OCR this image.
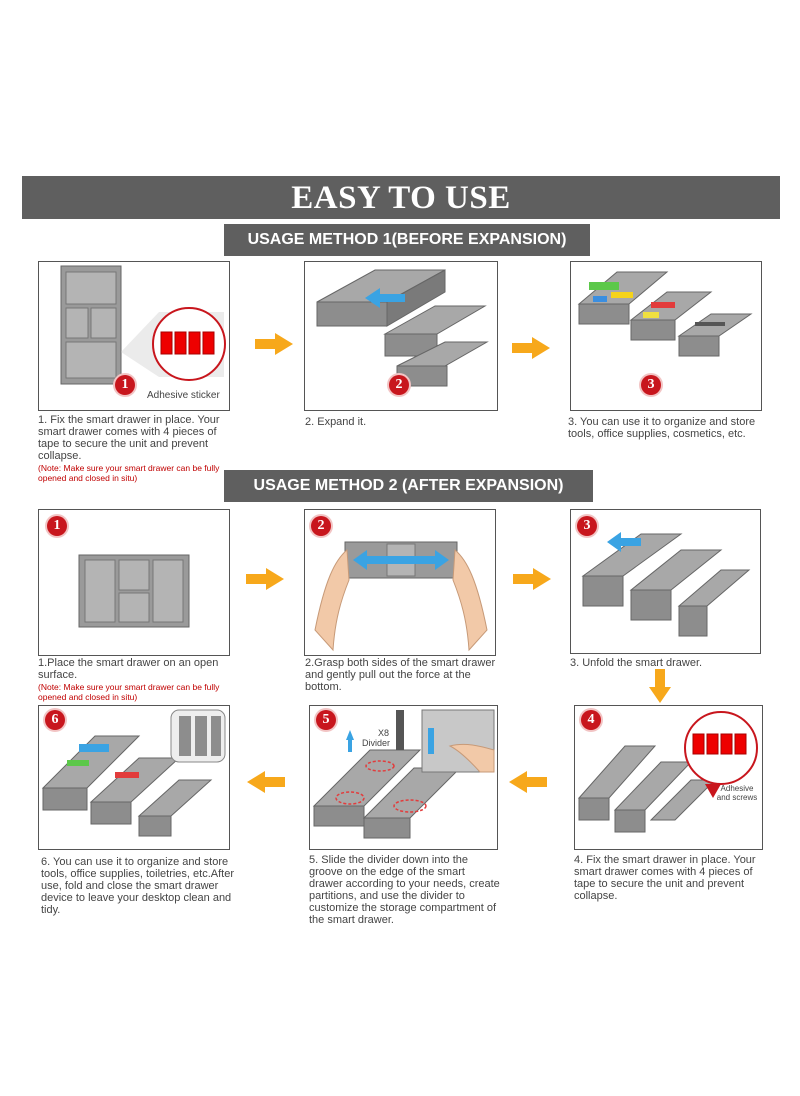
EASY TO USE
USAGE METHOD 1(BEFORE EXPANSION)
1
Adhesive sticker
1. Fix the smart drawer in place. Your smart drawer comes with 4 pieces of tape to secure the unit and prevent collapse.
(Note: Make sure your smart drawer can be fully opened and closed in situ)
2
2. Expand it.
3
3. You can use it to organize and store tools, office supplies, cosmetics, etc.
USAGE METHOD 2 (AFTER EXPANSION)
1
1.Place the smart drawer on an open surface.
(Note: Make sure your smart drawer can be fully opened and closed in situ)
2
2.Grasp both sides of the smart drawer and gently pull out the force at the bottom.
3
3. Unfold the smart drawer.
4
Adhesive and screws
4. Fix the smart drawer in place. Your smart drawer comes with 4 pieces of tape to secure the unit and prevent collapse.
5
X8
Divider
5. Slide the divider down into the groove on the edge of the smart drawer according to your needs, create partitions, and use the divider to customize the storage compartment of the smart drawer.
6
6. You can use it to organize and store tools, office supplies, toiletries, etc.After use, fold and close the smart drawer device to leave your desktop clean and tidy.
